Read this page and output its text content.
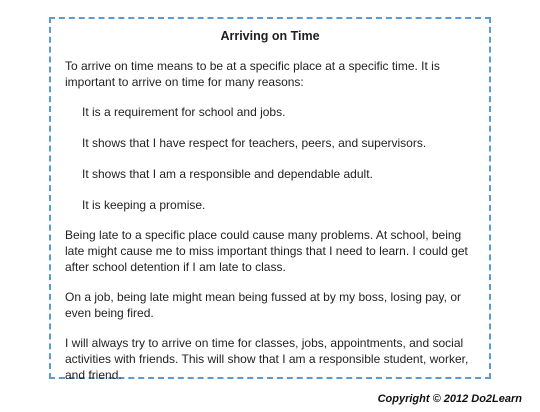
Arriving on Time
To arrive on time means to be at a specific place at a specific time. It is important to arrive on time for many reasons:
It is a requirement for school and jobs.
It shows that I have respect for teachers, peers, and supervisors.
It shows that I am a responsible and dependable adult.
It is keeping a promise.
Being late to a specific place could cause many problems. At school, being late might cause me to miss important things that I need to learn. I could get after school detention if I am late to class.
On a job, being late might mean being fussed at by my boss, losing pay, or even being fired.
I will always try to arrive on time for classes, jobs, appointments, and social activities with friends. This will show that I am a responsible student, worker, and friend.
Copyright © 2012 Do2Learn
